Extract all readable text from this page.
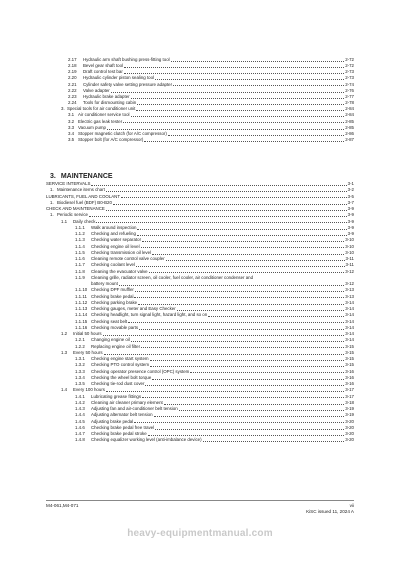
2.17 Hydraulic arm shaft bushing press-fitting tool	2-72
2.18 Bevel gear shaft tool	2-72
2.19 Draft control test bar	2-73
2.20 Hydraulic cylinder piston sealing tool	2-73
2.21 Cylinder safety valve setting pressure adapter	2-74
2.22 Valve adapter	2-76
2.23 Hydraulic brake adapter	2-77
2.24 Tools for dismounting cabin	2-78
3. Special tools for air conditioner unit	2-84
3.1 Air conditioner service tool	2-84
3.2 Electric gas leak tester	2-85
3.3 Vacuum pump	2-85
3.4 Stopper magnetic clutch (for A/C compressor)	2-86
3.5 Stopper bolt (for A/C compressor)	2-87
3. MAINTENANCE
SERVICE INTERVALS	3-1
1. Maintenance items chart	3-2
LUBRICANTS, FUEL AND COOLANT	3-5
1. Biodiesel fuel (BDF) B0-B20	3-7
CHECK AND MAINTENANCE	3-9
1. Periodic service	3-9
1.1 Daily check	3-9
1.1.1 Walk around inspection	3-9
1.1.2 Checking and refueling	3-9
1.1.3 Checking water separator	3-10
1.1.4 Checking engine oil level	3-10
1.1.5 Checking transmission oil level	3-10
1.1.6 Cleaning remote control valve coupler	3-11
1.1.7 Checking coolant level	3-11
1.1.8 Cleaning the evacuator valve	3-12
1.1.9 Cleaning grille, radiator screen, oil cooler, fuel cooler, air conditioner condenser and
battery mount	3-12
1.1.10 Checking DPF muffler	3-13
1.1.11 Checking brake pedal	3-13
1.1.12 Checking parking brake	3-14
1.1.13 Checking gauges, meter and Easy Checker	3-14
1.1.14 Checking headlight, turn signal light, hazard light, and so on	3-14
1.1.15 Checking seat belt	3-14
1.1.16 Checking movable parts	3-14
1.2 Initial 50 hours	3-14
1.2.1 Changing engine oil	3-14
1.2.2 Replacing engine oil filter	3-15
1.3 Every 50 hours	3-15
1.3.1 Checking engine start system	3-15
1.3.2 Checking PTO control system	3-15
1.3.3 Checking operator presence control (OPC) system	3-16
1.3.4 Checking the wheel bolt torque	3-16
1.3.5 Checking tie-rod dust cover	3-16
1.4 Every 100 hours	3-17
1.4.1 Lubricating grease fittings	3-17
1.4.2 Cleaning air cleaner primary element	3-18
1.4.3 Adjusting fan and air-conditioner belt tension	3-19
1.4.4 Adjusting alternator belt tension	3-19
1.4.5 Adjusting brake pedal	3-20
1.4.6 Checking brake pedal free travel	3-20
1.4.7 Checking brake pedal stroke	3-20
1.4.8 Checking equalizer working level (anti-imbalance device)	3-20
M4-061,M4-071	vii
KiSC issued 11, 2024 A
heavy-equipmentmanual.com
